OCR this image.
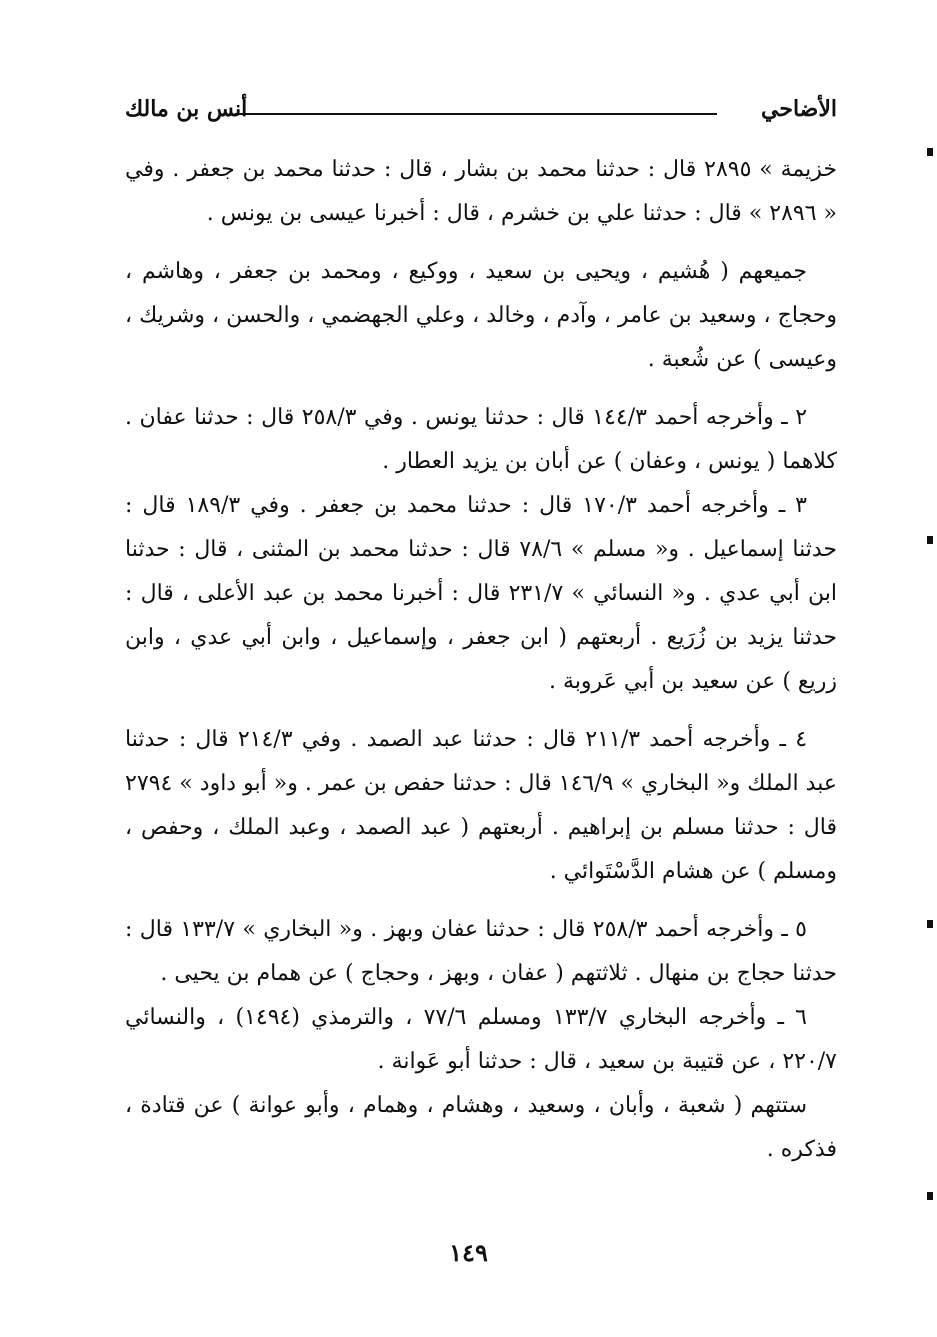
الأضاحي
أنس بن مالك

خزيمة » ٢٨٩٥ قال : حدثنا محمد بن بشار ، قال : حدثنا محمد بن جعفر . وفي « ٢٨٩٦ » قال : حدثنا علي بن خشرم ، قال : أخبرنا عيسى بن يونس .

جميعهم ( هُشيم ، ويحيى بن سعيد ، ووكيع ، ومحمد بن جعفر ، وهاشم ، وحجاج ، وسعيد بن عامر ، وآدم ، وخالد ، وعلي الجهضمي ، والحسن ، وشريك ، وعيسى ) عن شُعبة .

٢ ـ وأخرجه أحمد ١٤٤/٣ قال : حدثنا يونس . وفي ٢٥٨/٣ قال : حدثنا عفان . كلاهما ( يونس ، وعفان ) عن أبان بن يزيد العطار .

٣ ـ وأخرجه أحمد ١٧٠/٣ قال : حدثنا محمد بن جعفر . وفي ١٨٩/٣ قال : حدثنا إسماعيل . و« مسلم » ٧٨/٦ قال : حدثنا محمد بن المثنى ، قال : حدثنا ابن أبي عدي . و« النسائي » ٢٣١/٧ قال : أخبرنا محمد بن عبد الأعلى ، قال : حدثنا يزيد بن زُرَيع . أربعتهم ( ابن جعفر ، وإسماعيل ، وابن أبي عدي ، وابن زريع ) عن سعيد بن أبي عَروبة .

٤ ـ وأخرجه أحمد ٢١١/٣ قال : حدثنا عبد الصمد . وفي ٢١٤/٣ قال : حدثنا عبد الملك و« البخاري » ١٤٦/٩ قال : حدثنا حفص بن عمر . و« أبو داود » ٢٧٩٤ قال : حدثنا مسلم بن إبراهيم . أربعتهم ( عبد الصمد ، وعبد الملك ، وحفص ، ومسلم ) عن هشام الدَّسْتَوائي .

٥ ـ وأخرجه أحمد ٢٥٨/٣ قال : حدثنا عفان وبهز . و« البخاري » ١٣٣/٧ قال : حدثنا حجاج بن منهال . ثلاثتهم ( عفان ، وبهز ، وحجاج ) عن همام بن يحيى .

٦ ـ وأخرجه البخاري ١٣٣/٧ ومسلم ٧٧/٦ ، والترمذي (١٤٩٤) ، والنسائي ٢٢٠/٧ ، عن قتيبة بن سعيد ، قال : حدثنا أبو عَوانة .

ستتهم ( شعبة ، وأبان ، وسعيد ، وهشام ، وهمام ، وأبو عوانة ) عن قتادة ، فذكره .

١٤٩
